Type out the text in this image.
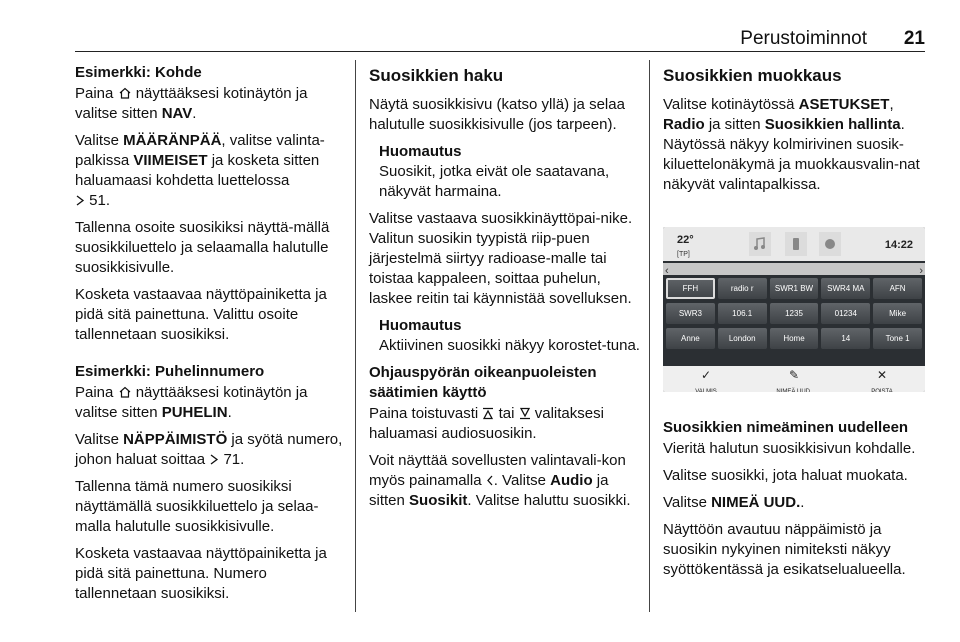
Perustoiminnot 21

Esimerkki: Kohde

Paina
näyttääksesi kotinäytön ja valitse sitten NAV.

Valitse MÄÄRÄNPÄÄ, valitse valinta-palkissa VIIMEISET ja kosketa sitten haluamaasi kohdetta luettelossa

51.

Tallenna osoite suosikiksi näyttä-mällä suosikkiluettelo ja selaamalla halutulle suosikkisivulle.

Kosketa vastaavaa näyttöpainiketta ja pidä sitä painettuna. Valittu osoite tallennetaan suosikiksi.

Esimerkki: Puhelinnumero

Paina
näyttääksesi kotinäytön ja valitse sitten PUHELIN.

Valitse NÄPPÄIMISTÖ ja syötä numero, johon haluat soittaa
71.

Tallenna tämä numero suosikiksi näyttämällä suosikkiluettelo ja selaa-malla halutulle suosikkisivulle.

Kosketa vastaavaa näyttöpainiketta ja pidä sitä painettuna. Numero tallennetaan suosikiksi.

Suosikkien haku

Näytä suosikkisivu (katso yllä) ja selaa halutulle suosikkisivulle (jos tarpeen).

Huomautus
Suosikit, jotka eivät ole saatavana, näkyvät harmaina.

Valitse vastaava suosikkinäyttöpai-nike. Valitun suosikin tyypistä riip-puen järjestelmä siirtyy radioase-malle tai toistaa kappaleen, soittaa puhelun, laskee reitin tai käynnistää sovelluksen.

Huomautus
Aktiivinen suosikki näkyy korostet-tuna.

Ohjauspyörän oikeanpuoleisten säätimien käyttö

Paina toistuvasti
tai
valitaksesi haluamasi audiosuosikin.

Voit näyttää sovellusten valintavali-kon myös painamalla
. Valitse Audio ja sitten Suosikit. Valitse haluttu suosikki.

Suosikkien muokkaus

Valitse kotinäytössä ASETUKSET,
Radio ja sitten Suosikkien hallinta.

Näytössä näkyy kolmirivinen suosik-kiluettelonäkymä ja muokkausvalin-nat näkyvät valintapalkissa.

22°
[TP]
14:22
‹	›
FFH	radio r	SWR1 BW	SWR4 MA	AFN
SWR3	106.1	1235	01234	Mike
Anne	London	Home	14	Tone 1
✓
VALMIS
✎
NIMEÄ UUD.
✕
POISTA

Suosikkien nimeäminen uudelleen

Vieritä halutun suosikkisivun kohdalle.

Valitse suosikki, jota haluat muokata.

Valitse NIMEÄ UUD..

Näyttöön avautuu näppäimistö ja suosikin nykyinen nimiteksti näkyy syöttökentässä ja esikatselualueella.
